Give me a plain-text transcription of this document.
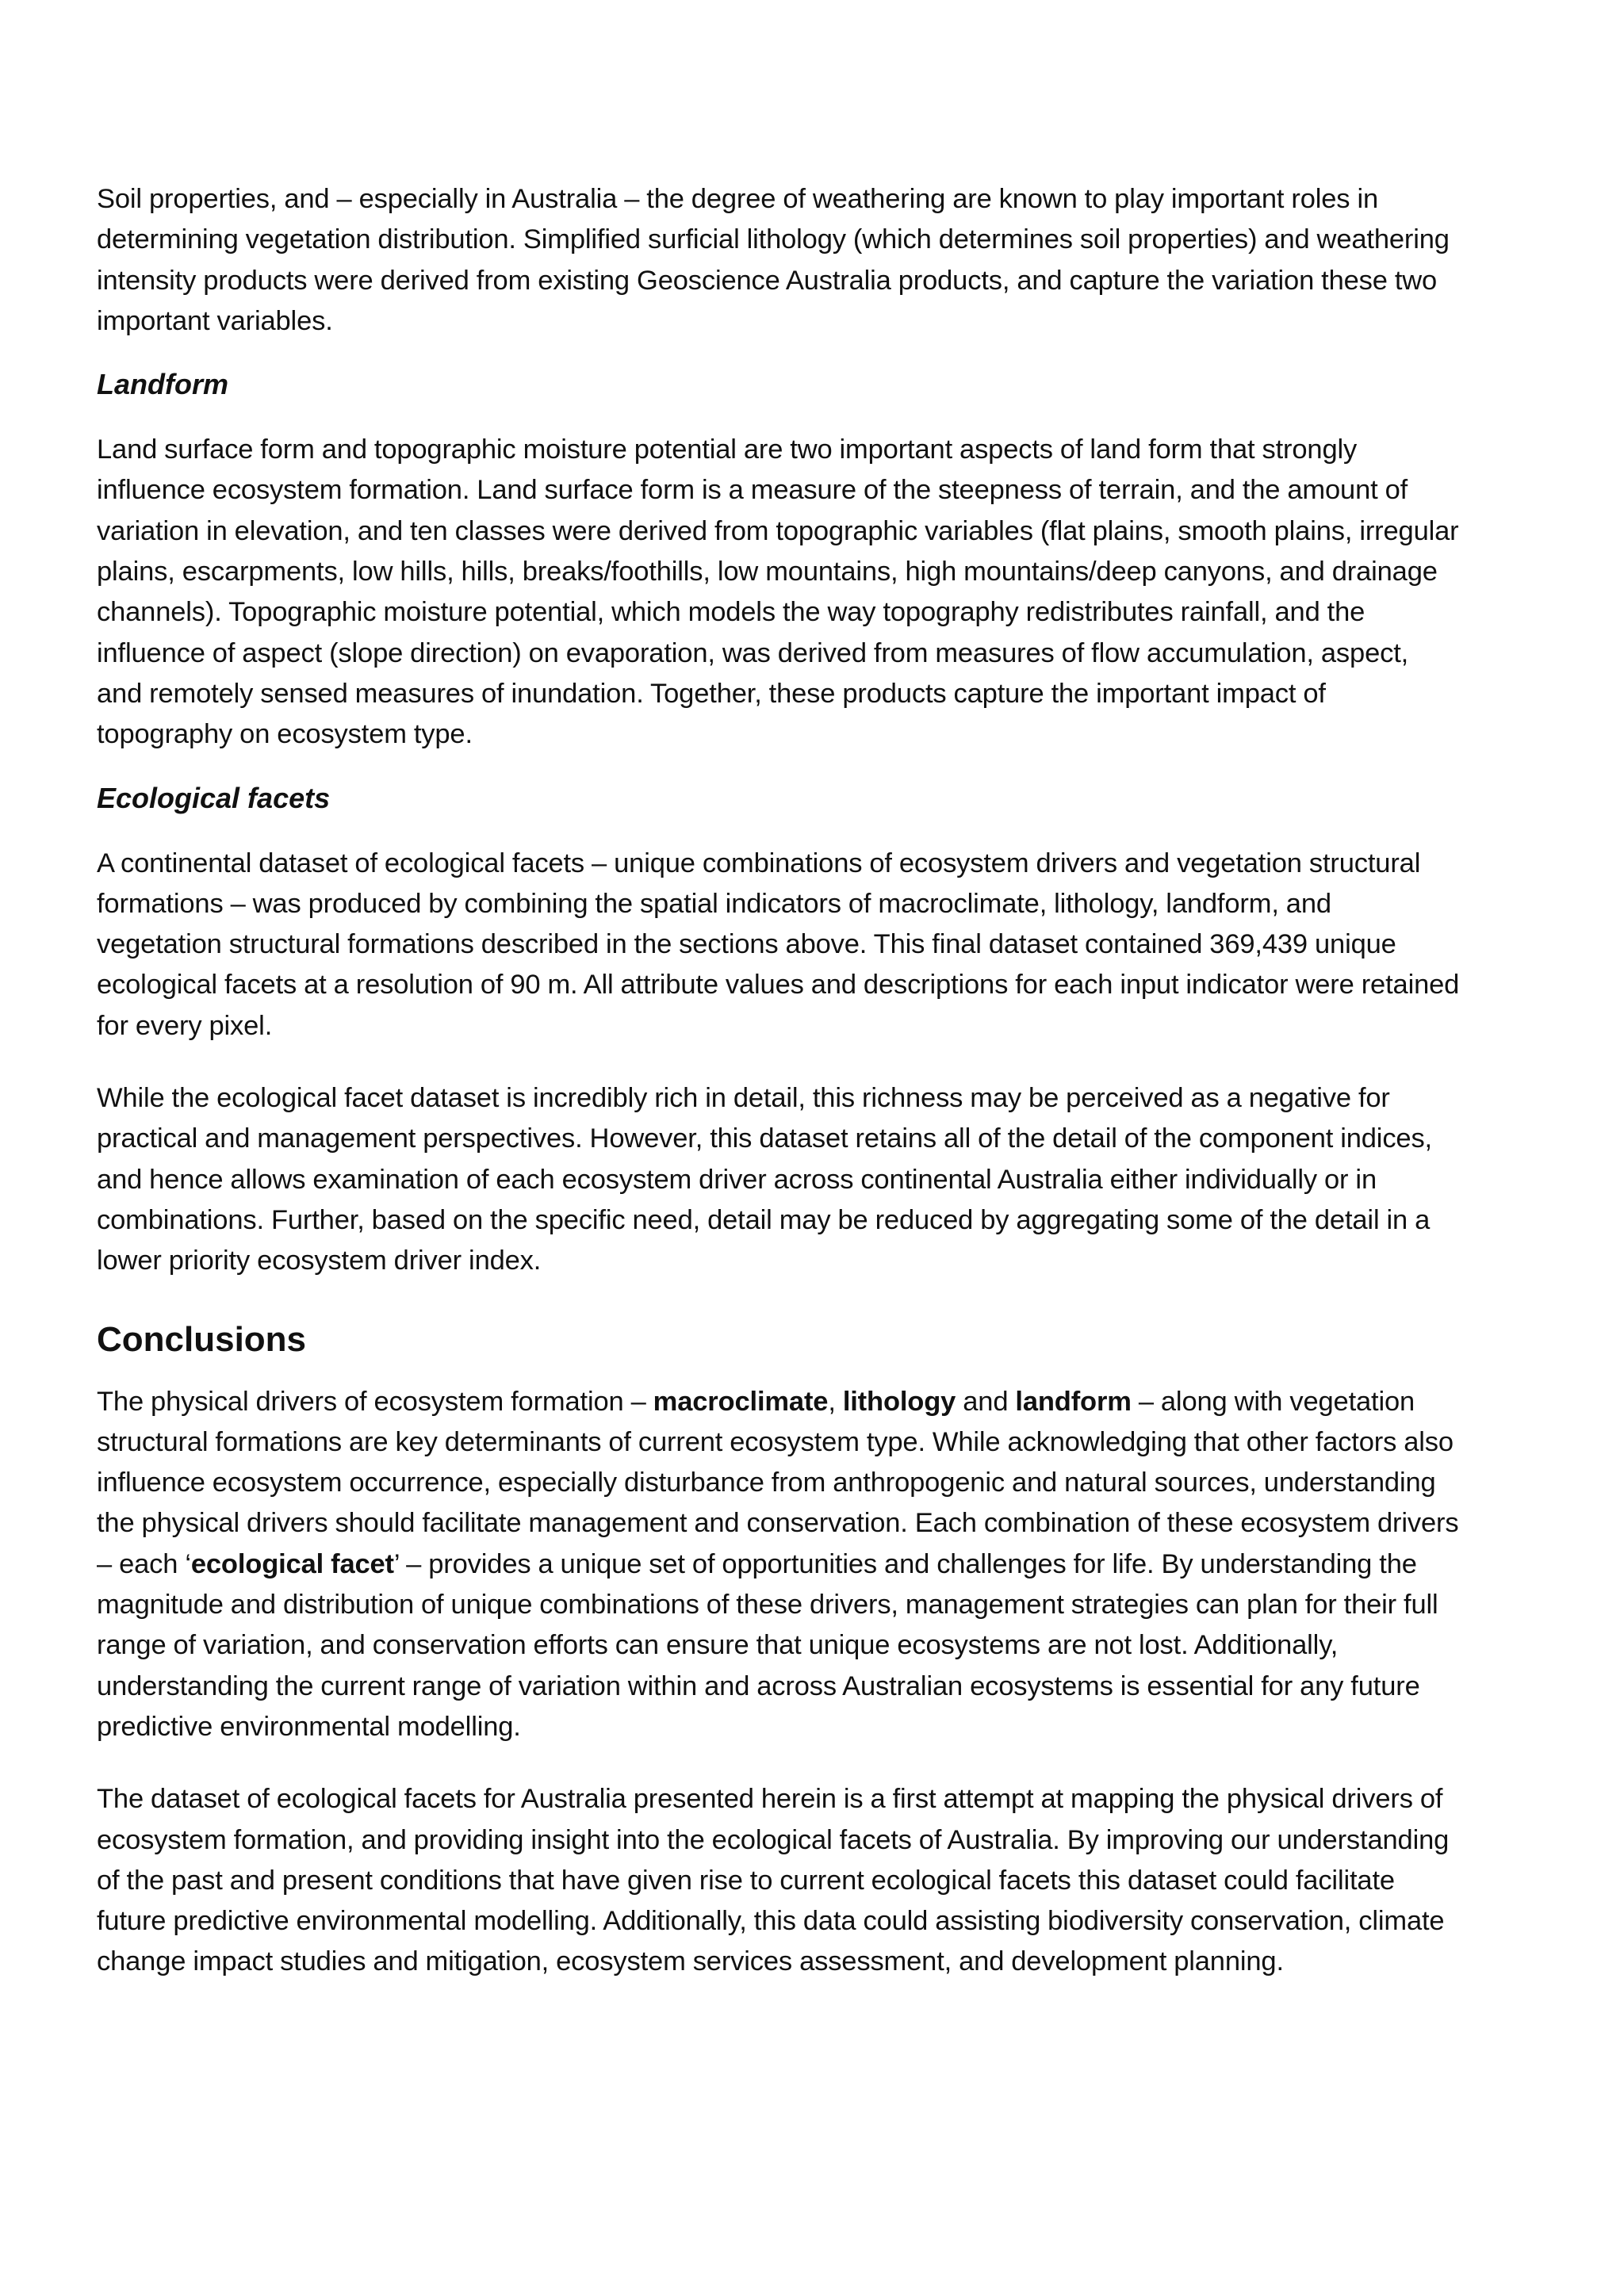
Soil properties, and – especially in Australia – the degree of weathering are known to play important roles in determining vegetation distribution. Simplified surficial lithology (which determines soil properties) and weathering intensity products were derived from existing Geoscience Australia products, and capture the variation these two important variables.

Landform

Land surface form and topographic moisture potential are two important aspects of land form that strongly influence ecosystem formation. Land surface form is a measure of the steepness of terrain, and the amount of variation in elevation, and ten classes were derived from topographic variables (flat plains, smooth plains, irregular plains, escarpments, low hills, hills, breaks/foothills, low mountains, high mountains/deep canyons, and drainage channels). Topographic moisture potential, which models the way topography redistributes rainfall, and the influence of aspect (slope direction) on evaporation, was derived from measures of flow accumulation, aspect, and remotely sensed measures of inundation. Together, these products capture the important impact of topography on ecosystem type.

Ecological facets

A continental dataset of ecological facets – unique combinations of ecosystem drivers and vegetation structural formations – was produced by combining the spatial indicators of macroclimate, lithology, landform, and vegetation structural formations described in the sections above. This final dataset contained 369,439 unique ecological facets at a resolution of 90 m. All attribute values and descriptions for each input indicator were retained for every pixel.

While the ecological facet dataset is incredibly rich in detail, this richness may be perceived as a negative for practical and management perspectives. However, this dataset retains all of the detail of the component indices, and hence allows examination of each ecosystem driver across continental Australia either individually or in combinations. Further, based on the specific need, detail may be reduced by aggregating some of the detail in a lower priority ecosystem driver index.

Conclusions

The physical drivers of ecosystem formation – macroclimate, lithology and landform – along with vegetation structural formations are key determinants of current ecosystem type. While acknowledging that other factors also influence ecosystem occurrence, especially disturbance from anthropogenic and natural sources, understanding the physical drivers should facilitate management and conservation. Each combination of these ecosystem drivers – each ‘ecological facet’ – provides a unique set of opportunities and challenges for life. By understanding the magnitude and distribution of unique combinations of these drivers, management strategies can plan for their full range of variation, and conservation efforts can ensure that unique ecosystems are not lost. Additionally, understanding the current range of variation within and across Australian ecosystems is essential for any future predictive environmental modelling.

The dataset of ecological facets for Australia presented herein is a first attempt at mapping the physical drivers of ecosystem formation, and providing insight into the ecological facets of Australia. By improving our understanding of the past and present conditions that have given rise to current ecological facets this dataset could facilitate future predictive environmental modelling. Additionally, this data could assisting biodiversity conservation, climate change impact studies and mitigation, ecosystem services assessment, and development planning.
